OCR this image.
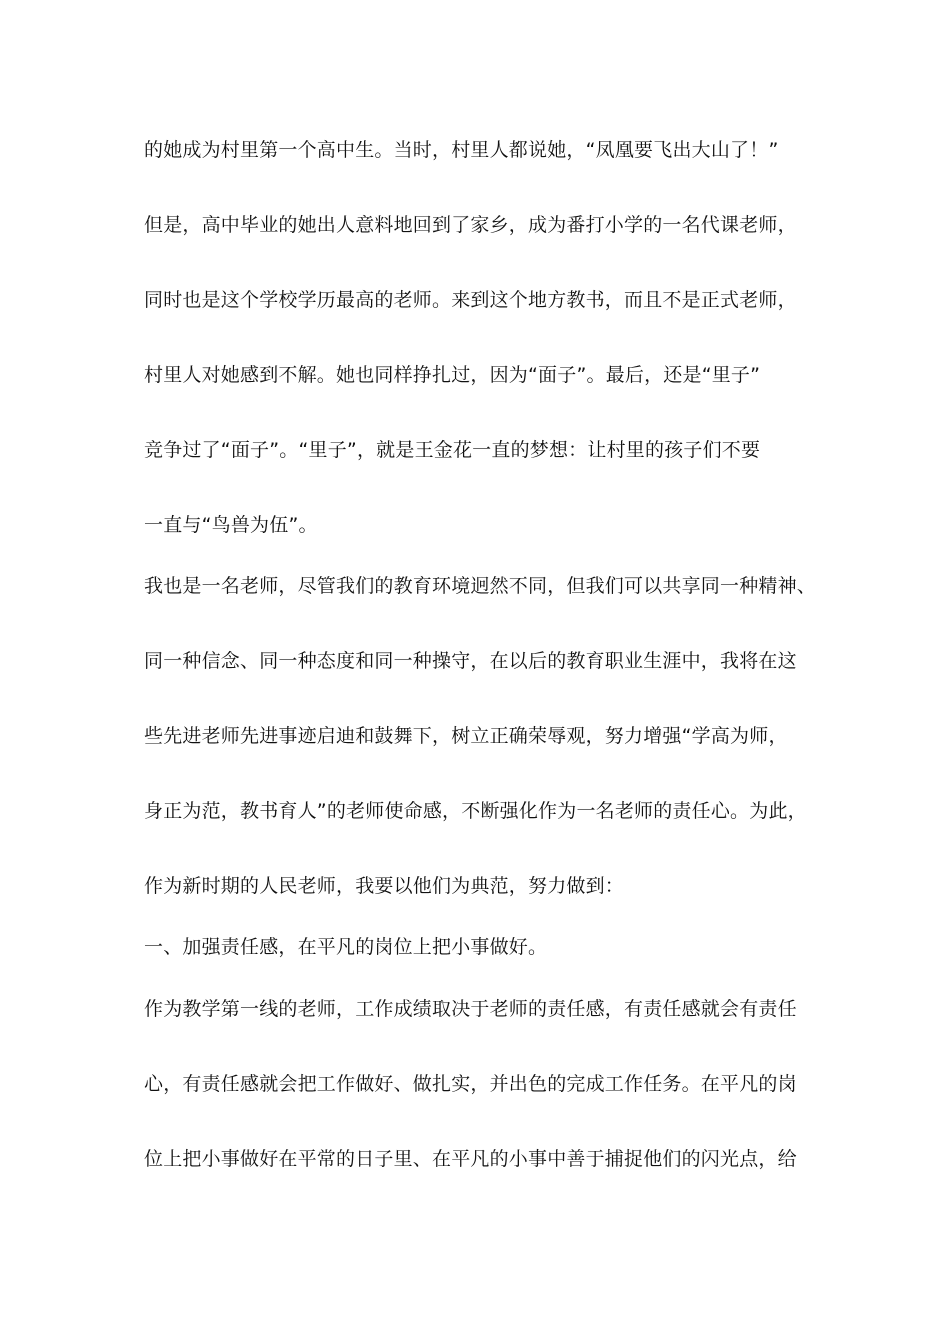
的她成为村里第一个高中生。当时，村里人都说她，“凤凰要飞出大山了！”
但是，高中毕业的她出人意料地回到了家乡，成为番打小学的一名代课老师，
同时也是这个学校学历最高的老师。来到这个地方教书，而且不是正式老师，
村里人对她感到不解。她也同样挣扎过，因为“面子”。最后，还是“里子”
竞争过了“面子”。“里子”，就是王金花一直的梦想：让村里的孩子们不要
一直与“鸟兽为伍”。
我也是一名老师，尽管我们的教育环境迥然不同，但我们可以共享同一种精神、
同一种信念、同一种态度和同一种操守，在以后的教育职业生涯中，我将在这
些先进老师先进事迹启迪和鼓舞下，树立正确荣辱观，努力增强“学高为师，
身正为范，教书育人”的老师使命感，不断强化作为一名老师的责任心。为此，
作为新时期的人民老师，我要以他们为典范，努力做到：
一、加强责任感，在平凡的岗位上把小事做好。
作为教学第一线的老师，工作成绩取决于老师的责任感，有责任感就会有责任
心，有责任感就会把工作做好、做扎实，并出色的完成工作任务。在平凡的岗
位上把小事做好在平常的日子里、在平凡的小事中善于捕捉他们的闪光点，给
